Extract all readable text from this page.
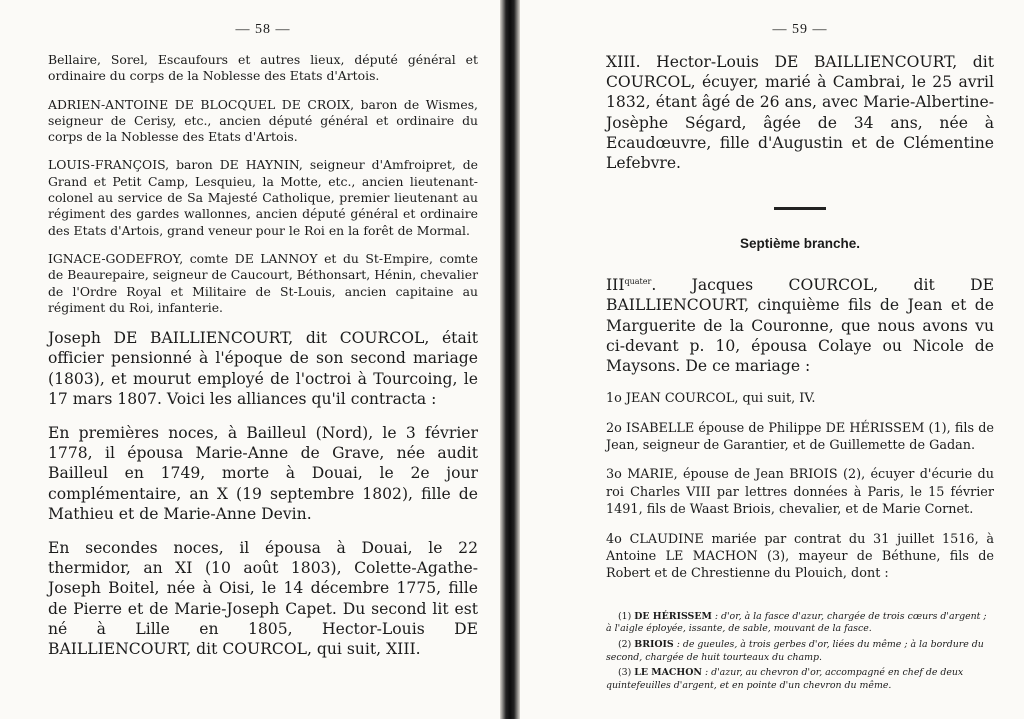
— 58 —

Bellaire, Sorel, Escaufours et autres lieux, député général et ordinaire du corps de la Noblesse des Etats d'Artois.

ADRIEN-ANTOINE DE BLOCQUEL DE CROIX, baron de Wismes, seigneur de Cerisy, etc., ancien député général et ordinaire du corps de la Noblesse des Etats d'Artois.

LOUIS-FRANÇOIS, baron DE HAYNIN, seigneur d'Amfroipret, de Grand et Petit Camp, Lesquieu, la Motte, etc., ancien lieutenant-colonel au service de Sa Majesté Catholique, premier lieutenant au régiment des gardes wallonnes, ancien député général et ordinaire des Etats d'Artois, grand veneur pour le Roi en la forêt de Mormal.

IGNACE-GODEFROY, comte DE LANNOY et du St-Empire, comte de Beaurepaire, seigneur de Caucourt, Béthonsart, Hénin, chevalier de l'Ordre Royal et Militaire de St-Louis, ancien capitaine au régiment du Roi, infanterie.

Joseph DE BAILLIENCOURT, dit COURCOL, était officier pensionné à l'époque de son second mariage (1803), et mourut employé de l'octroi à Tourcoing, le 17 mars 1807. Voici les alliances qu'il contracta :

En premières noces, à Bailleul (Nord), le 3 février 1778, il épousa Marie-Anne de Grave, née audit Bailleul en 1749, morte à Douai, le 2e jour complémentaire, an X (19 septembre 1802), fille de Mathieu et de Marie-Anne Devin.

En secondes noces, il épousa à Douai, le 22 thermidor, an XI (10 août 1803), Colette-Agathe-Joseph Boitel, née à Oisi, le 14 décembre 1775, fille de Pierre et de Marie-Joseph Capet. Du second lit est né à Lille en 1805, Hector-Louis DE BAILLIENCOURT, dit COURCOL, qui suit, XIII.

— 59 —

XIII. Hector-Louis DE BAILLIENCOURT, dit COURCOL, écuyer, marié à Cambrai, le 25 avril 1832, étant âgé de 26 ans, avec Marie-Albertine-Josèphe Ségard, âgée de 34 ans, née à Ecaudœuvre, fille d'Augustin et de Clémentine Lefebvre.

Septième branche.

$III^{quater}$. Jacques COURCOL, dit DE BAILLIENCOURT, cinquième fils de Jean et de Marguerite de la Couronne, que nous avons vu ci-devant p. 10, épousa Colaye ou Nicole de Maysons. De ce mariage :

1o JEAN COURCOL, qui suit, IV.

2o ISABELLE épouse de Philippe DE HÉRISSEM (1), fils de Jean, seigneur de Garantier, et de Guillemette de Gadan.

3o MARIE, épouse de Jean BRIOIS (2), écuyer d'écurie du roi Charles VIII par lettres données à Paris, le 15 février 1491, fils de Waast Briois, chevalier, et de Marie Cornet.

4o CLAUDINE mariée par contrat du 31 juillet 1516, à Antoine LE MACHON (3), mayeur de Béthune, fils de Robert et de Chrestienne du Plouich, dont :

(1) DE HÉRISSEM : d'or, à la fasce d'azur, chargée de trois cœurs d'argent ; à l'aigle éployée, issante, de sable, mouvant de la fasce.

(2) BRIOIS : de gueules, à trois gerbes d'or, liées du même ; à la bordure du second, chargée de huit tourteaux du champ.

(3) LE MACHON : d'azur, au chevron d'or, accompagné en chef de deux quintefeuilles d'argent, et en pointe d'un chevron du même.
